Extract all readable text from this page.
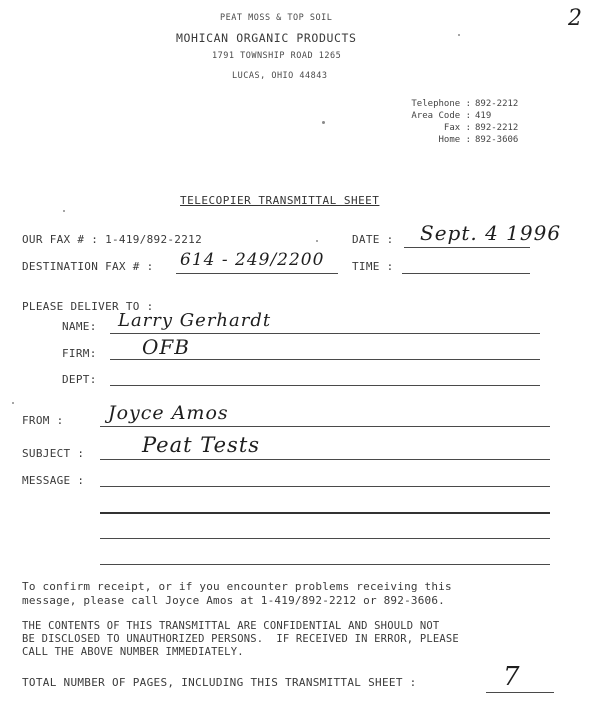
2
PEAT MOSS & TOP SOIL
MOHICAN ORGANIC PRODUCTS
1791 TOWNSHIP ROAD 1265
LUCAS, OHIO 44843
Telephone : 892-2212
Area Code : 419
Fax : 892-2212
Home : 892-3606
TELECOPIER TRANSMITTAL SHEET
OUR FAX # : 1-419/892-2212	DATE : Sept. 4 1996
DESTINATION FAX # : 614 - 249/2200	TIME :
PLEASE DELIVER TO :
NAME: Larry Gerhardt
FIRM: OFB
DEPT:
FROM : Joyce Amos
SUBJECT :	Peat Tests
MESSAGE :
To confirm receipt, or if you encounter problems receiving this
message, please call Joyce Amos at 1-419/892-2212 or 892-3606.
THE CONTENTS OF THIS TRANSMITTAL ARE CONFIDENTIAL AND SHOULD NOT
BE DISCLOSED TO UNAUTHORIZED PERSONS.  IF RECEIVED IN ERROR, PLEASE
CALL THE ABOVE NUMBER IMMEDIATELY.
TOTAL NUMBER OF PAGES, INCLUDING THIS TRANSMITTAL SHEET :	7
